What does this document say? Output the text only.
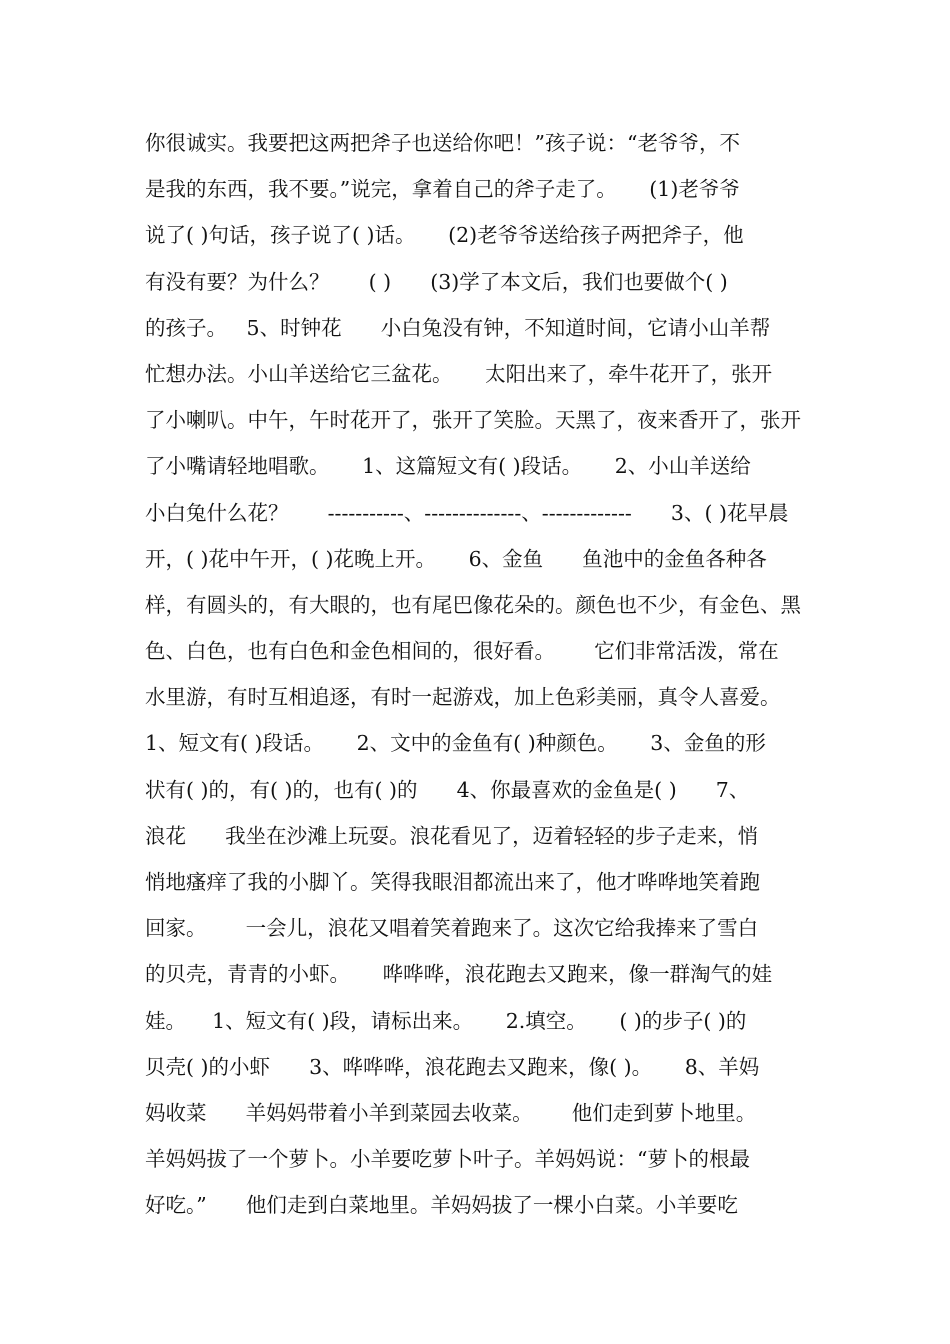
你很诚实。我要把这两把斧子也送给你吧！”孩子说：“老爷爷，不
是我的东西，我不要。”说完，拿着自己的斧子走了。     (1)老爷爷
说了( )句话，孩子说了( )话。     (2)老爷爷送给孩子两把斧子，他
有没有要？为什么？      ( )      (3)学了本文后，我们也要做个( )
的孩子。   5、时钟花      小白兔没有钟，不知道时间，它请小山羊帮
忙想办法。小山羊送给它三盆花。     太阳出来了，牵牛花开了，张开
了小喇叭。中午，午时花开了，张开了笑脸。天黑了，夜来香开了，张开
了小嘴请轻地唱歌。     1、这篇短文有( )段话。     2、小山羊送给
小白兔什么花？      -----------、--------------、-------------      3、( )花早晨
开，( )花中午开，( )花晚上开。     6、金鱼      鱼池中的金鱼各种各
样，有圆头的，有大眼的，也有尾巴像花朵的。颜色也不少，有金色、黑
色、白色，也有白色和金色相间的，很好看。      它们非常活泼，常在
水里游，有时互相追逐，有时一起游戏，加上色彩美丽，真令人喜爱。
1、短文有( )段话。     2、文中的金鱼有( )种颜色。     3、金鱼的形
状有( )的，有( )的，也有( )的      4、你最喜欢的金鱼是( )      7、
浪花      我坐在沙滩上玩耍。浪花看见了，迈着轻轻的步子走来，悄
悄地瘙痒了我的小脚丫。笑得我眼泪都流出来了，他才哗哗地笑着跑
回家。      一会儿，浪花又唱着笑着跑来了。这次它给我捧来了雪白
的贝壳，青青的小虾。     哗哗哗，浪花跑去又跑来，像一群淘气的娃
娃。    1、短文有( )段，请标出来。     2.填空。     ( )的步子( )的
贝壳( )的小虾      3、哗哗哗，浪花跑去又跑来，像( )。     8、羊妈
妈收菜      羊妈妈带着小羊到菜园去收菜。      他们走到萝卜地里。
羊妈妈拔了一个萝卜。小羊要吃萝卜叶子。羊妈妈说：“萝卜的根最
好吃。”      他们走到白菜地里。羊妈妈拔了一棵小白菜。小羊要吃
